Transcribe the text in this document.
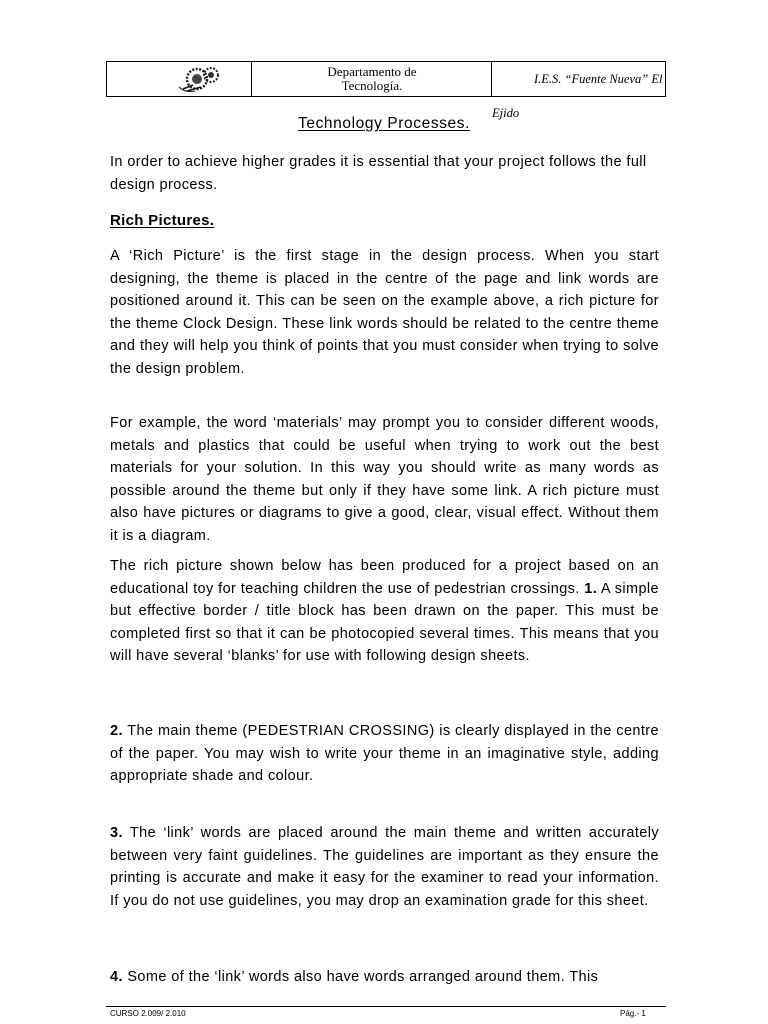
Departamento de
Tecnología.	I.E.S. “Fuente Nueva” El Ejido
Technology Processes.

In order to achieve higher grades it is essential that your project follows the full design process.

Rich Pictures.

A ‘Rich Picture’ is the first stage in the design process. When you start designing, the theme is placed in the centre of the page and link words are positioned around it. This can be seen on the example above, a rich picture for the theme Clock Design. These link words should be related to the centre theme and they will help you think of points that you must consider when trying to solve the design problem.

For example, the word ‘materials’ may prompt you to consider different woods, metals and plastics that could be useful when trying to work out the best materials for your solution. In this way you should write as many words as possible around the theme but only if they have some link. A rich picture must also have pictures or diagrams to give a good, clear, visual effect. Without them it is a diagram.

The rich picture shown below has been produced for a project based on an educational toy for teaching children the use of pedestrian crossings. 1. A simple but effective border / title block has been drawn on the paper. This must be completed first so that it can be photocopied several times. This means that you will have several ‘blanks’ for use with following design sheets.

2. The main theme (PEDESTRIAN CROSSING) is clearly displayed in the centre of the paper. You may wish to write your theme in an imaginative style, adding appropriate shade and colour.

3. The ‘link’ words are placed around the main theme and written accurately between very faint guidelines. The guidelines are important as they ensure the printing is accurate and make it easy for the examiner to read your information. If you do not use guidelines, you may drop an examination grade for this sheet.

4. Some of the ‘link’ words also have words arranged around them. This

CURSO 2.009/ 2.010	Pág.- 1
